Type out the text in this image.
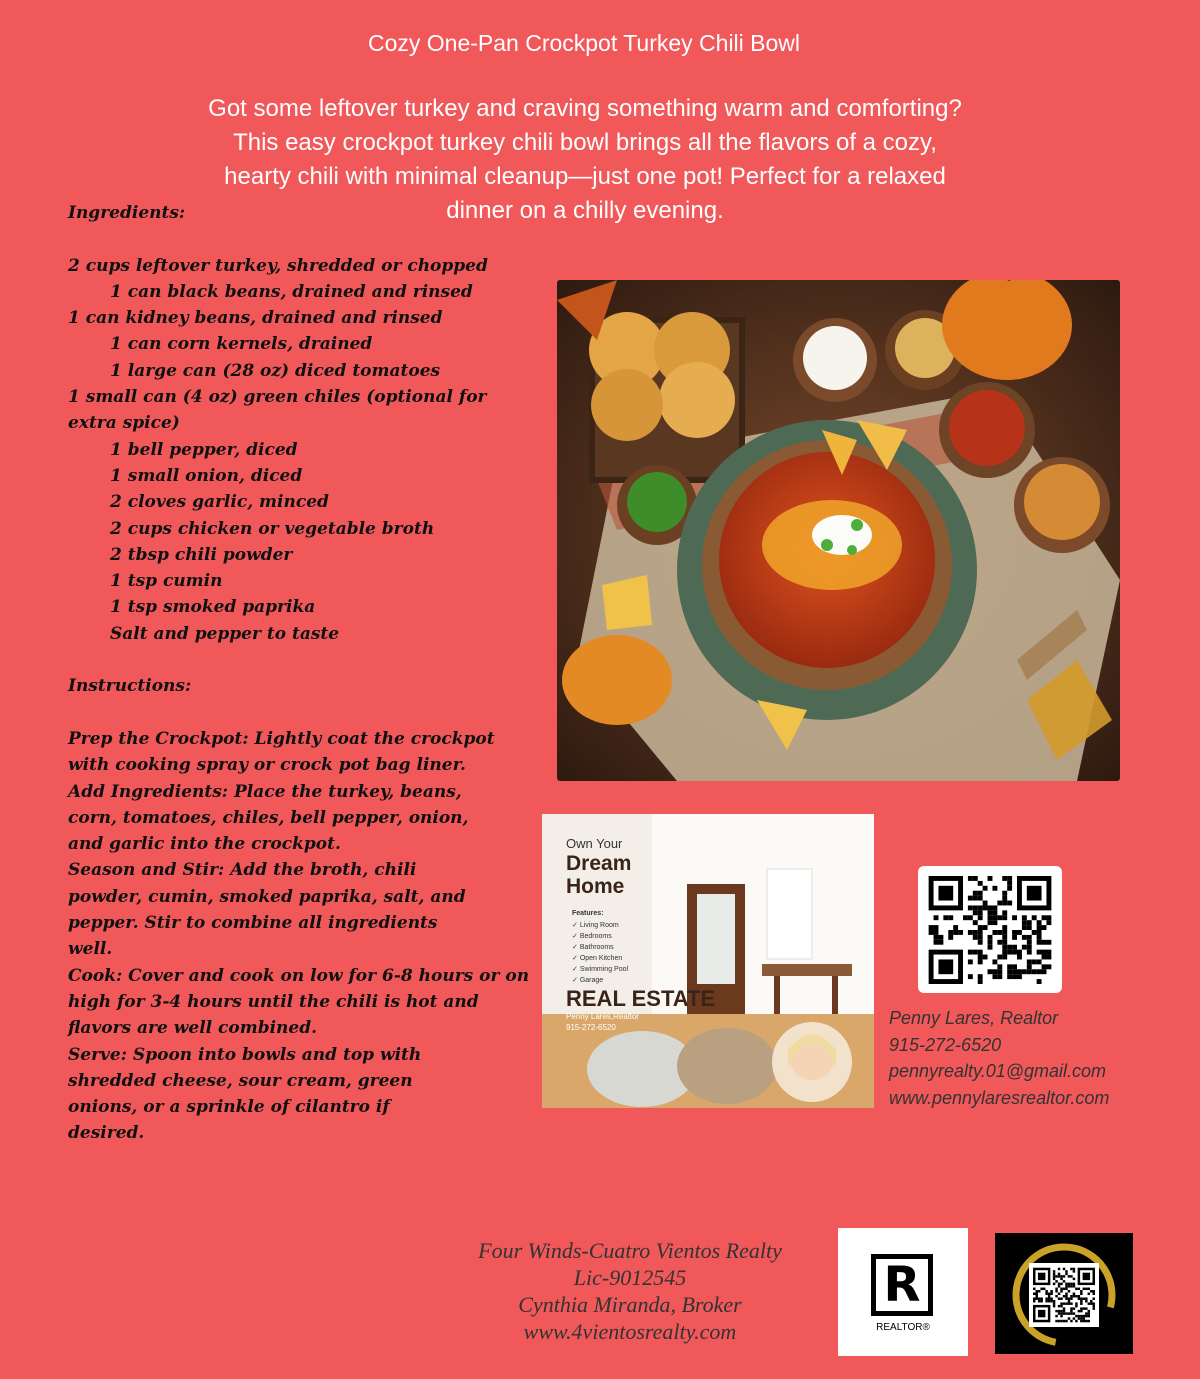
Cozy One-Pan Crockpot Turkey Chili Bowl
Got some leftover turkey and craving something warm and comforting? This easy crockpot turkey chili bowl brings all the flavors of a cozy, hearty chili with minimal cleanup—just one pot! Perfect for a relaxed dinner on a chilly evening.
Ingredients:
2 cups leftover turkey, shredded or chopped
1 can black beans, drained and rinsed
1 can kidney beans, drained and rinsed
1 can corn kernels, drained
1 large can (28 oz) diced tomatoes
1 small can (4 oz) green chiles (optional for extra spice)
1 bell pepper, diced
1 small onion, diced
2 cloves garlic, minced
2 cups chicken or vegetable broth
2 tbsp chili powder
1 tsp cumin
1 tsp smoked paprika
Salt and pepper to taste
Instructions:
Prep the Crockpot: Lightly coat the crockpot with cooking spray or crock pot bag liner.
Add Ingredients: Place the turkey, beans, corn, tomatoes, chiles, bell pepper, onion, and garlic into the crockpot.
Season and Stir: Add the broth, chili powder, cumin, smoked paprika, salt, and pepper. Stir to combine all ingredients well.
Cook: Cover and cook on low for 6-8 hours or on high for 3-4 hours until the chili is hot and flavors are well combined.
Serve: Spoon into bowls and top with shredded cheese, sour cream, green onions, or a sprinkle of cilantro if desired.
Own Your
Dream Home
Features:
✓ Living Room
✓ Bedrooms
✓ Bathrooms
✓ Open Kitchen
✓ Swimming Pool
✓ Garage
REAL ESTATE
Penny Lares,Realtor
915-272-6520	Penny Lares, Realtor
915-272-6520
pennyrealty.01@gmail.com
www.pennylaresrealtor.com
Four Winds-Cuatro Vientos Realty
Lic-9012545
Cynthia Miranda, Broker
www.4vientosrealty.com
R
REALTOR®
